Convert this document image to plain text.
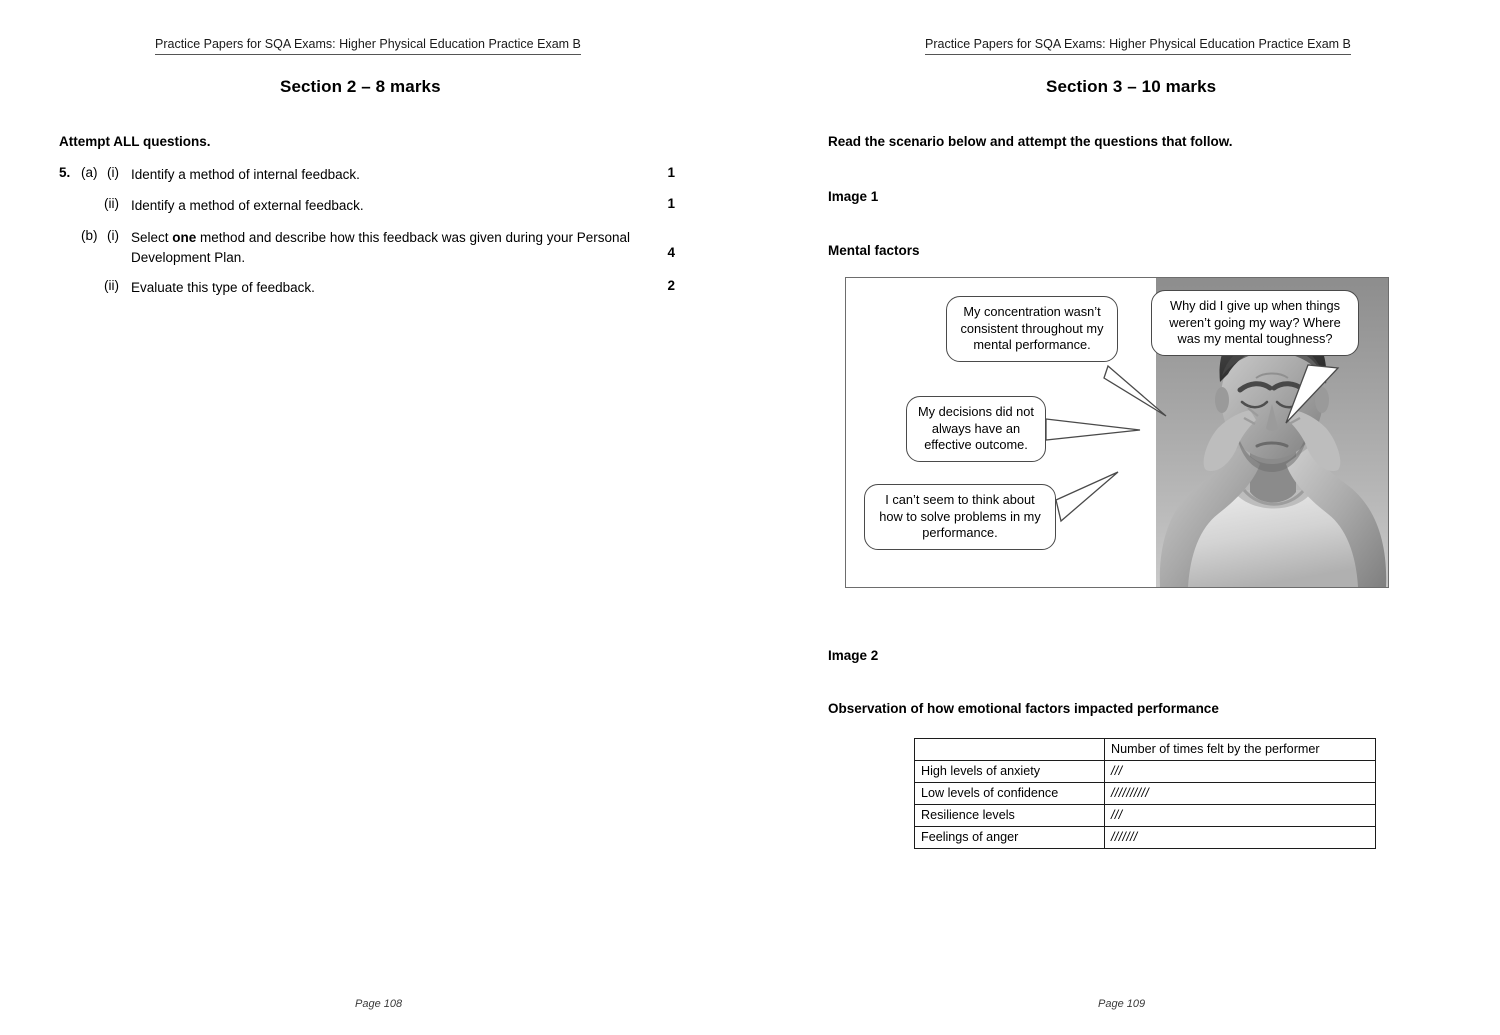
Practice Papers for SQA Exams: Higher Physical Education Practice Exam B
Section 2 – 8 marks
Attempt ALL questions.
5. (a) (i) Identify a method of internal feedback.	1
(ii) Identify a method of external feedback.	1
(b) (i) Select one method and describe how this feedback was given during your Personal Development Plan.	4
(ii) Evaluate this type of feedback.	2
Page 108
Practice Papers for SQA Exams: Higher Physical Education Practice Exam B
Section 3 – 10 marks
Read the scenario below and attempt the questions that follow.
Image 1
Mental factors
Image 2
Observation of how emotional factors impacted performance
Page 109
My concentration wasn’t consistent throughout my mental performance.
Why did I give up when things weren’t going my way? Where was my mental toughness?
My decisions did not always have an effective outcome.
I can’t seem to think about how to solve problems in my performance.
	Number of times felt by the performer
High levels of anxiety	///
Low levels of confidence	//////////
Resilience levels	///
Feelings of anger	///////
